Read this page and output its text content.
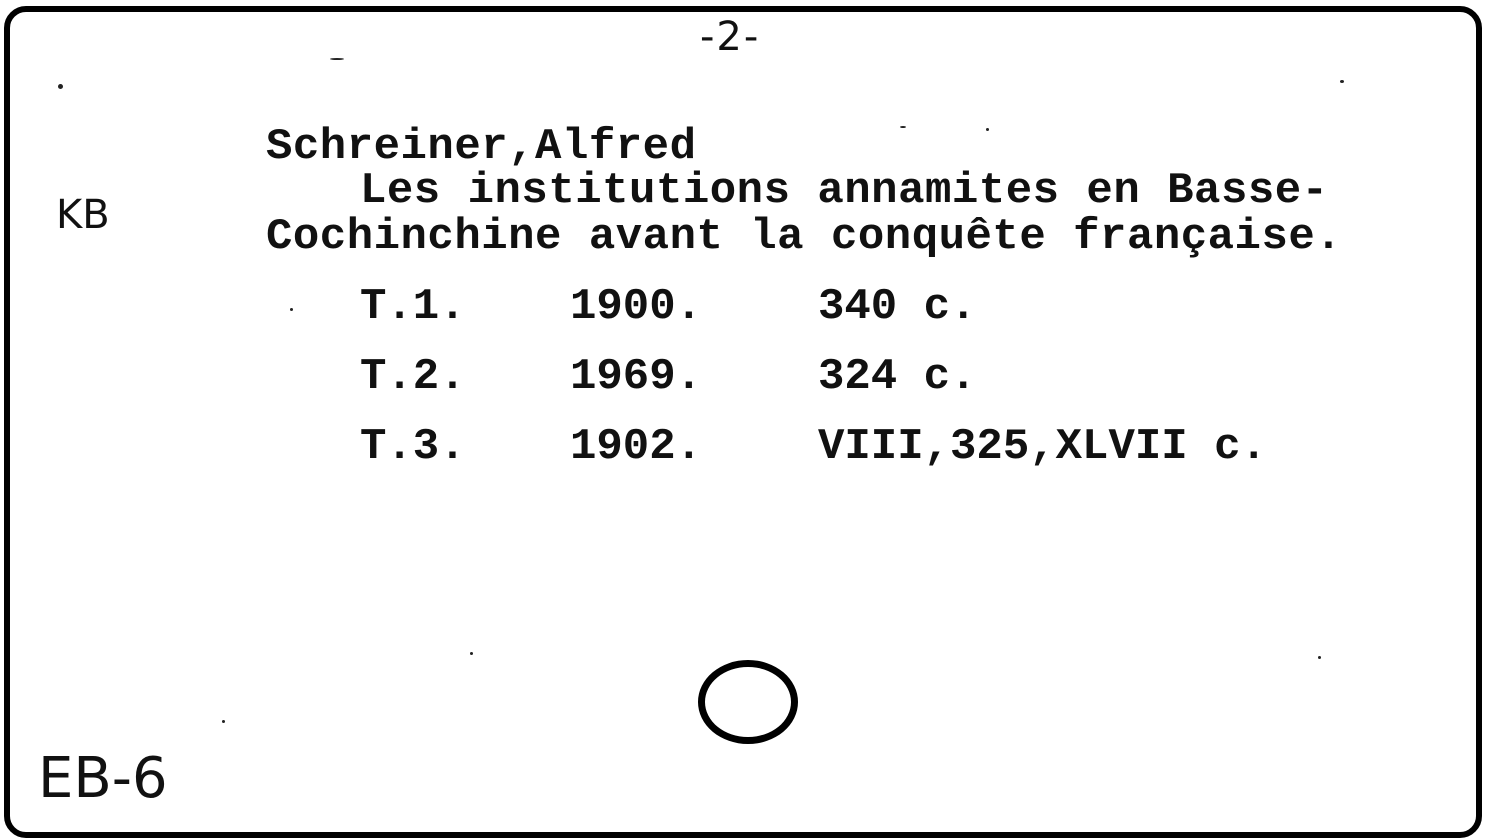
-2-
KB
Schreiner,Alfred
Les institutions annamites en Basse-
Cochinchine avant la conquête française.
T.1. 1900.	340 c.
T.2. 1969.	324 c.
T.3. 1902.	VIII,325,XLVII c.
EB-6
